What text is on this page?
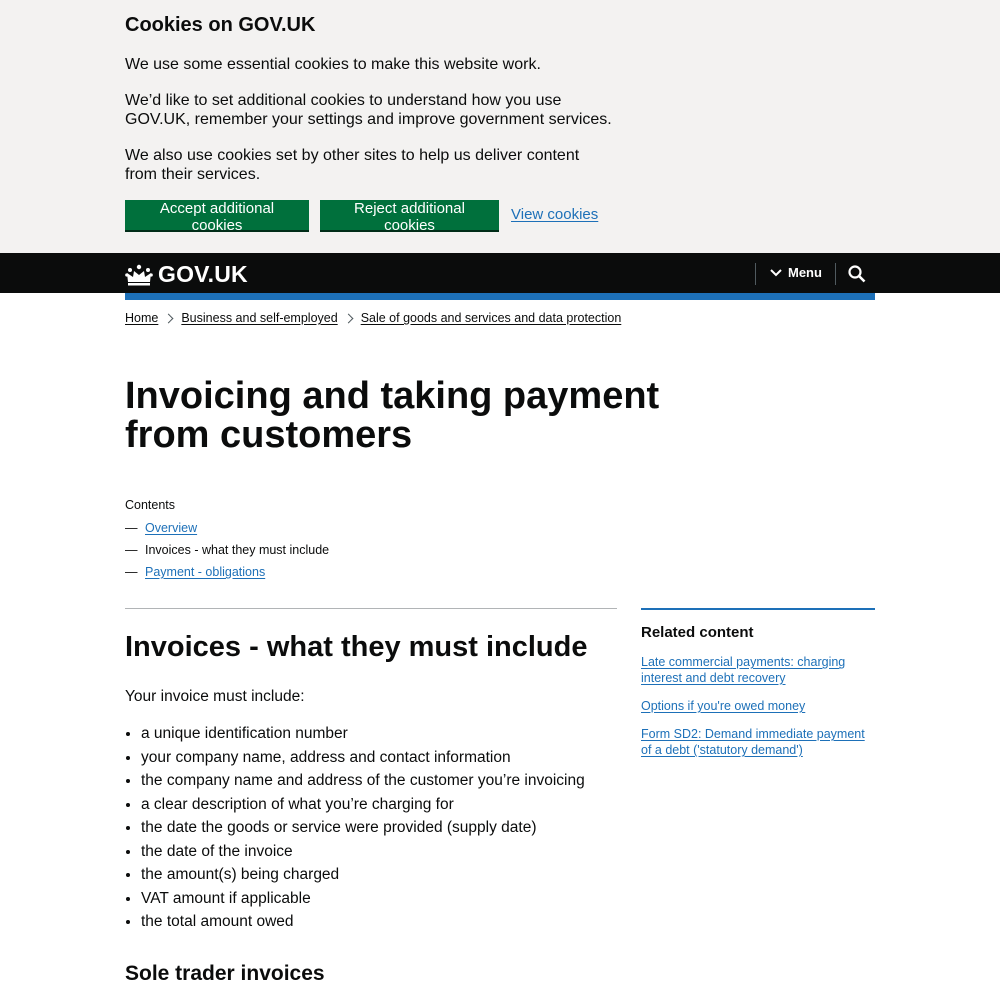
Cookies on GOV.UK

We use some essential cookies to make this website work.

We’d like to set additional cookies to understand how you use GOV.UK, remember your settings and improve government services.

We also use cookies set by other sites to help us deliver content from their services.

Accept additional cookies
Reject additional cookies
View cookies
GOV.UK	Menu
Home Business and self-employed Sale of goods and services and data protection
Invoicing and taking payment from customers
Contents
— Overview
— Invoices - what they must include
— Payment - obligations
Invoices - what they must include

Your invoice must include:

• a unique identification number
• your company name, address and contact information
• the company name and address of the customer you’re invoicing
• a clear description of what you’re charging for
• the date the goods or service were provided (supply date)
• the date of the invoice
• the amount(s) being charged
• VAT amount if applicable
• the total amount owed
Sole trader invoices
Related content
Late commercial payments: charging interest and debt recovery
Options if you're owed money
Form SD2: Demand immediate payment of a debt ('statutory demand')
